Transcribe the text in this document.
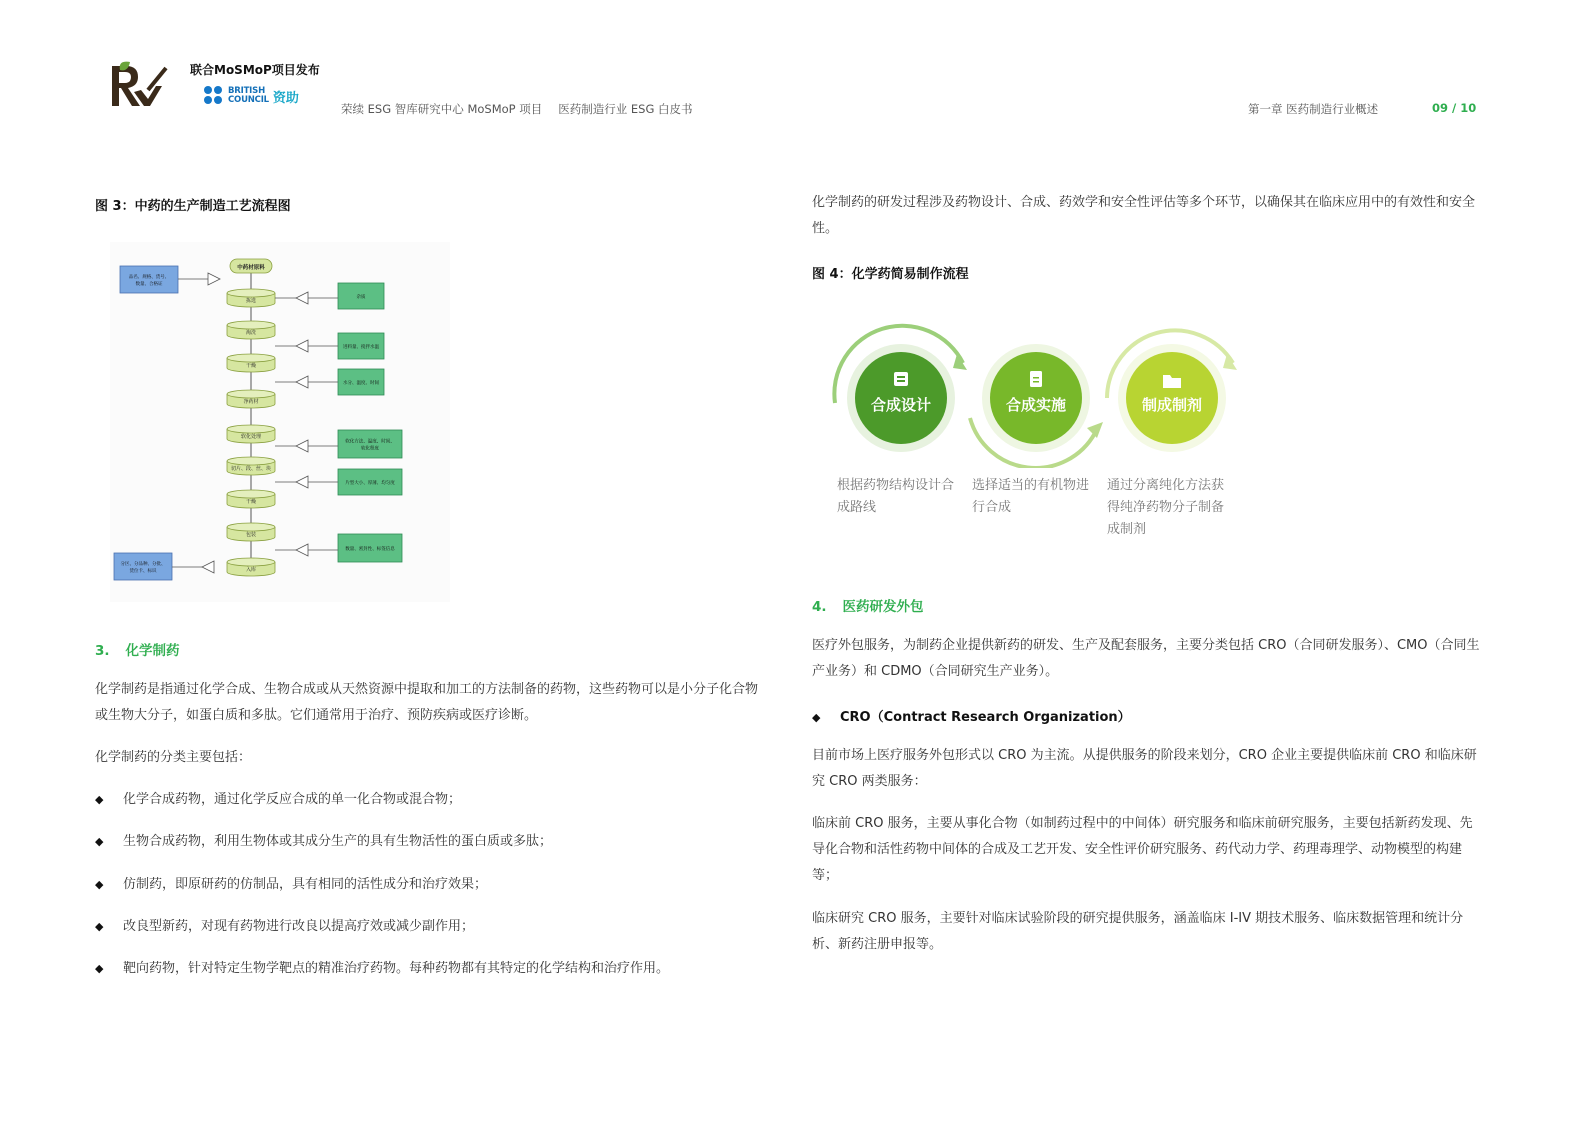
联合MoSMoP项目发布
BRITISH
COUNCIL 资助
荣续 ESG 智库研究中心 MoSMoP 项目 医药制造行业 ESG 白皮书	第一章 医药制造行业概述	09 / 10
图 3：中药的生产制造工艺流程图
中药材原料
拣选
淘洗
干燥
净药材
软化处理
切片、段、丝、块
干燥
包装
入库
杂质
进料量、搅拌水温
水分、温度、时间
软化方法、温度、时间、
软化程度
片型大小、厚薄、均匀度
数量、密封性、标签信息
品名、规格、货号、
数量、合格证
分区、分品种、分批、
货位卡、标识
3. 化学制药
化学制药是指通过化学合成、生物合成或从天然资源中提取和加工的方法制备的药物，这些药物可以是小分子化合物或生物大分子，如蛋白质和多肽。它们通常用于治疗、预防疾病或医疗诊断。
化学制药的分类主要包括：
◆ 化学合成药物，通过化学反应合成的单一化合物或混合物；
◆ 生物合成药物，利用生物体或其成分生产的具有生物活性的蛋白质或多肽；
◆ 仿制药，即原研药的仿制品，具有相同的活性成分和治疗效果；
◆ 改良型新药，对现有药物进行改良以提高疗效或减少副作用；
◆ 靶向药物，针对特定生物学靶点的精准治疗药物。每种药物都有其特定的化学结构和治疗作用。
化学制药的研发过程涉及药物设计、合成、药效学和安全性评估等多个环节，以确保其在临床应用中的有效性和安全性。
图 4：化学药简易制作流程
合成设计	合成实施	制成制剂
根据药物结构设计合成路线
选择适当的有机物进行合成
通过分离纯化方法获得纯净药物分子制备成制剂
4. 医药研发外包
医疗外包服务，为制药企业提供新药的研发、生产及配套服务，主要分类包括 CRO（合同研发服务）、CMO（合同生产业务）和 CDMO（合同研究生产业务）。
◆ CRO（Contract Research Organization）
目前市场上医疗服务外包形式以 CRO 为主流。从提供服务的阶段来划分，CRO 企业主要提供临床前 CRO 和临床研究 CRO 两类服务：
临床前 CRO 服务，主要从事化合物（如制药过程中的中间体）研究服务和临床前研究服务，主要包括新药发现、先导化合物和活性药物中间体的合成及工艺开发、安全性评价研究服务、药代动力学、药理毒理学、动物模型的构建等；
临床研究 CRO 服务，主要针对临床试验阶段的研究提供服务，涵盖临床 I-IV 期技术服务、临床数据管理和统计分析、新药注册申报等。
